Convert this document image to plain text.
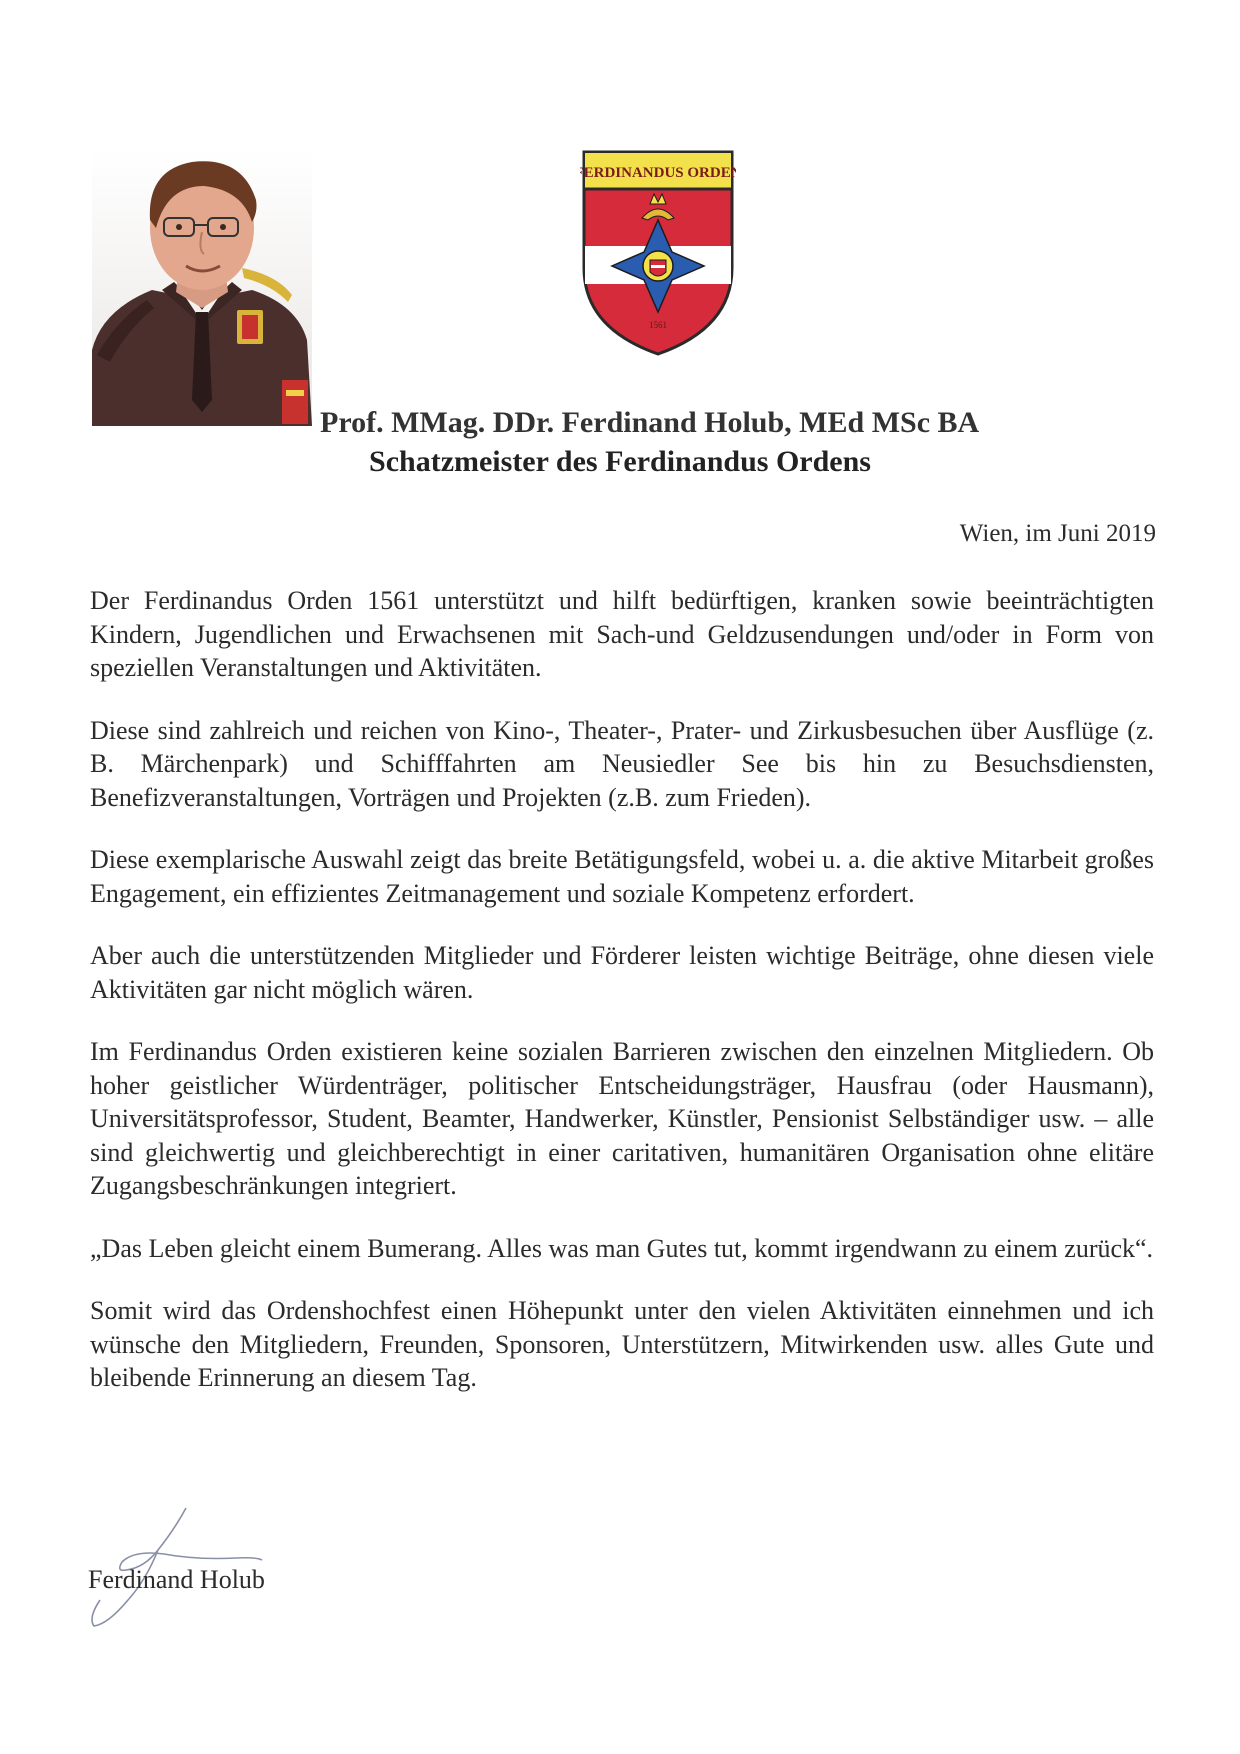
FERDINANDUS ORDEN
1561
Prof. MMag. DDr. Ferdinand Holub, MEd MSc BA
Schatzmeister des Ferdinandus Ordens
Wien, im Juni 2019

Der Ferdinandus Orden 1561 unterstützt und hilft bedürftigen, kranken sowie beeinträchtigten Kindern, Jugendlichen und Erwachsenen mit Sach-und Geldzusendungen und/oder in Form von speziellen Veranstaltungen und Aktivitäten.

Diese sind zahlreich und reichen von Kino-, Theater-, Prater- und Zirkusbesuchen über Ausflüge (z. B. Märchenpark) und Schifffahrten am Neusiedler See bis hin zu Besuchsdiensten, Benefizveranstaltungen, Vorträgen und Projekten (z.B. zum Frieden).

Diese exemplarische Auswahl zeigt das breite Betätigungsfeld, wobei u. a. die aktive Mitarbeit großes Engagement, ein effizientes Zeitmanagement und soziale Kompetenz erfordert.

Aber auch die unterstützenden Mitglieder und Förderer leisten wichtige Beiträge, ohne diesen viele Aktivitäten gar nicht möglich wären.

Im Ferdinandus Orden existieren keine sozialen Barrieren zwischen den einzelnen Mitgliedern. Ob hoher geistlicher Würdenträger, politischer Entscheidungsträger, Hausfrau (oder Hausmann), Universitätsprofessor, Student, Beamter, Handwerker, Künstler, Pensionist Selbständiger usw. – alle sind gleichwertig und gleichberechtigt in einer caritativen, humanitären Organisation ohne elitäre Zugangsbeschränkungen integriert.

„Das Leben gleicht einem Bumerang. Alles was man Gutes tut, kommt irgendwann zu einem zurück“.

Somit wird das Ordenshochfest einen Höhepunkt unter den vielen Aktivitäten einnehmen und ich wünsche den Mitgliedern, Freunden, Sponsoren, Unterstützern, Mitwirkenden usw. alles Gute und bleibende Erinnerung an diesem Tag.

Ferdinand Holub
